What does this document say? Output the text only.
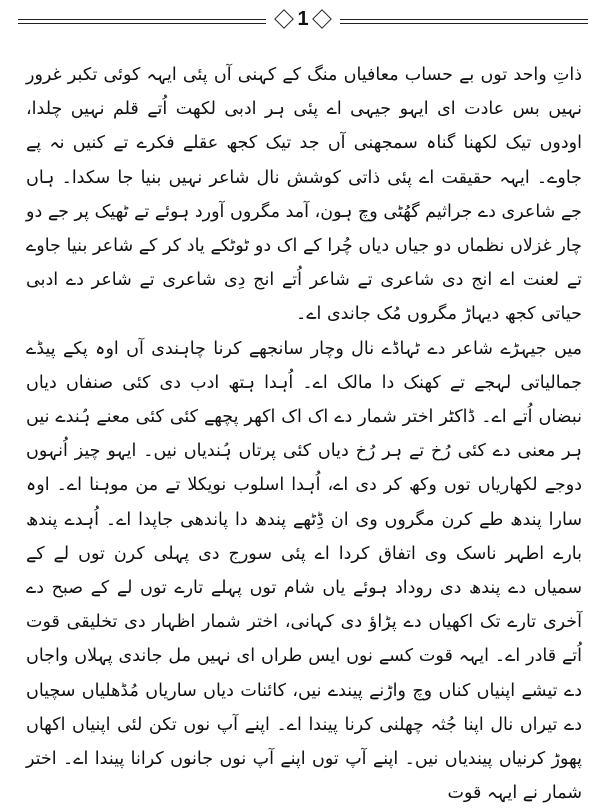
1

ذاتِ واحد توں بے حساب معافیاں منگ کے کہنی آں پئی ایہہ کوئی تکبر غرور نہیں بس عادت ای ایہو جیہی اے پئی ہر ادبی لکھت اُتے قلم نہیں چلدا، اودوں تیک لکھنا گناہ سمجھنی آں جد تیک کجھ عقلے فکرے تے کنیں نہ پے جاوے۔ ایہہ حقیقت اے پئی ذاتی کوشش نال شاعر نہیں بنیا جا سکدا۔ ہاں جے شاعری دے جراثیم گھُٹی وچ ہون، آمد مگروں آورد ہوئے تے ٹھیک پر جے دو چار غزلاں نظماں دو جیاں دیاں چُرا کے اک دو ٹوٹکے یاد کر کے شاعر بنیا جاوے تے لعنت اے انج دی شاعری تے شاعر اُتے انج دِی شاعری تے شاعر دے ادبی حیاتی کجھ دیہاڑ مگروں مُک جاندی اے۔

میں جیہڑے شاعر دے ٹہاڈے نال وچار سانجھے کرنا چاہندی آں اوہ پکے پیڈے جمالیاتی لہجے تے کھنک دا مالک اے۔ اُہدا ہتھ ادب دی کئی صنفاں دیاں نبضاں اُتے اے۔ ڈاکٹر اختر شمار دے اک اک اکھر پچھے کئی کئی معنے ہُندے نیں ہر معنی دے کئی رُخ تے ہر رُخ دیاں کئی پرتاں ہُندیاں نیں۔ ایہو چیز اُنہوں دوجے لکھاریاں توں وکھ کر دی اے، اُہدا اسلوب نویکلا تے من موہنا اے۔ اوہ سارا پندھ طے کرن مگروں وی ان ڈِٹھے پندھ دا پاندھی جاپدا اے۔ اُہدے پندھ بارے اطہر ناسک وی اتفاق کردا اے پئی سورج دی پہلی کرن توں لے کے سمیاں دے پندھ دی روداد ہوئے یاں شام توں پہلے تارے توں لے کے صبح دے آخری تارے تک اکھیاں دے پڑاؤ دی کہانی، اختر شمار اظہار دی تخلیقی قوت اُتے قادر اے۔ ایہہ قوت کسے نوں ایس طراں ای نہیں مل جاندی پہلاں واجاں دے تیشے اپنیاں کناں وچ واڑنے پیندے نیں، کائنات دیاں ساریاں مُڈھلیاں سچیاں دے تیراں نال اپنا جُثہ چھلنی کرنا پیندا اے۔ اپنے آپ نوں تکن لئی اپنیاں اکھاں پھوڑ کرنیاں پیندیاں نیں۔ اپنے آپ توں اپنے آپ نوں جانوں کرانا پیندا اے۔ اختر شمار نے ایہہ قوت
